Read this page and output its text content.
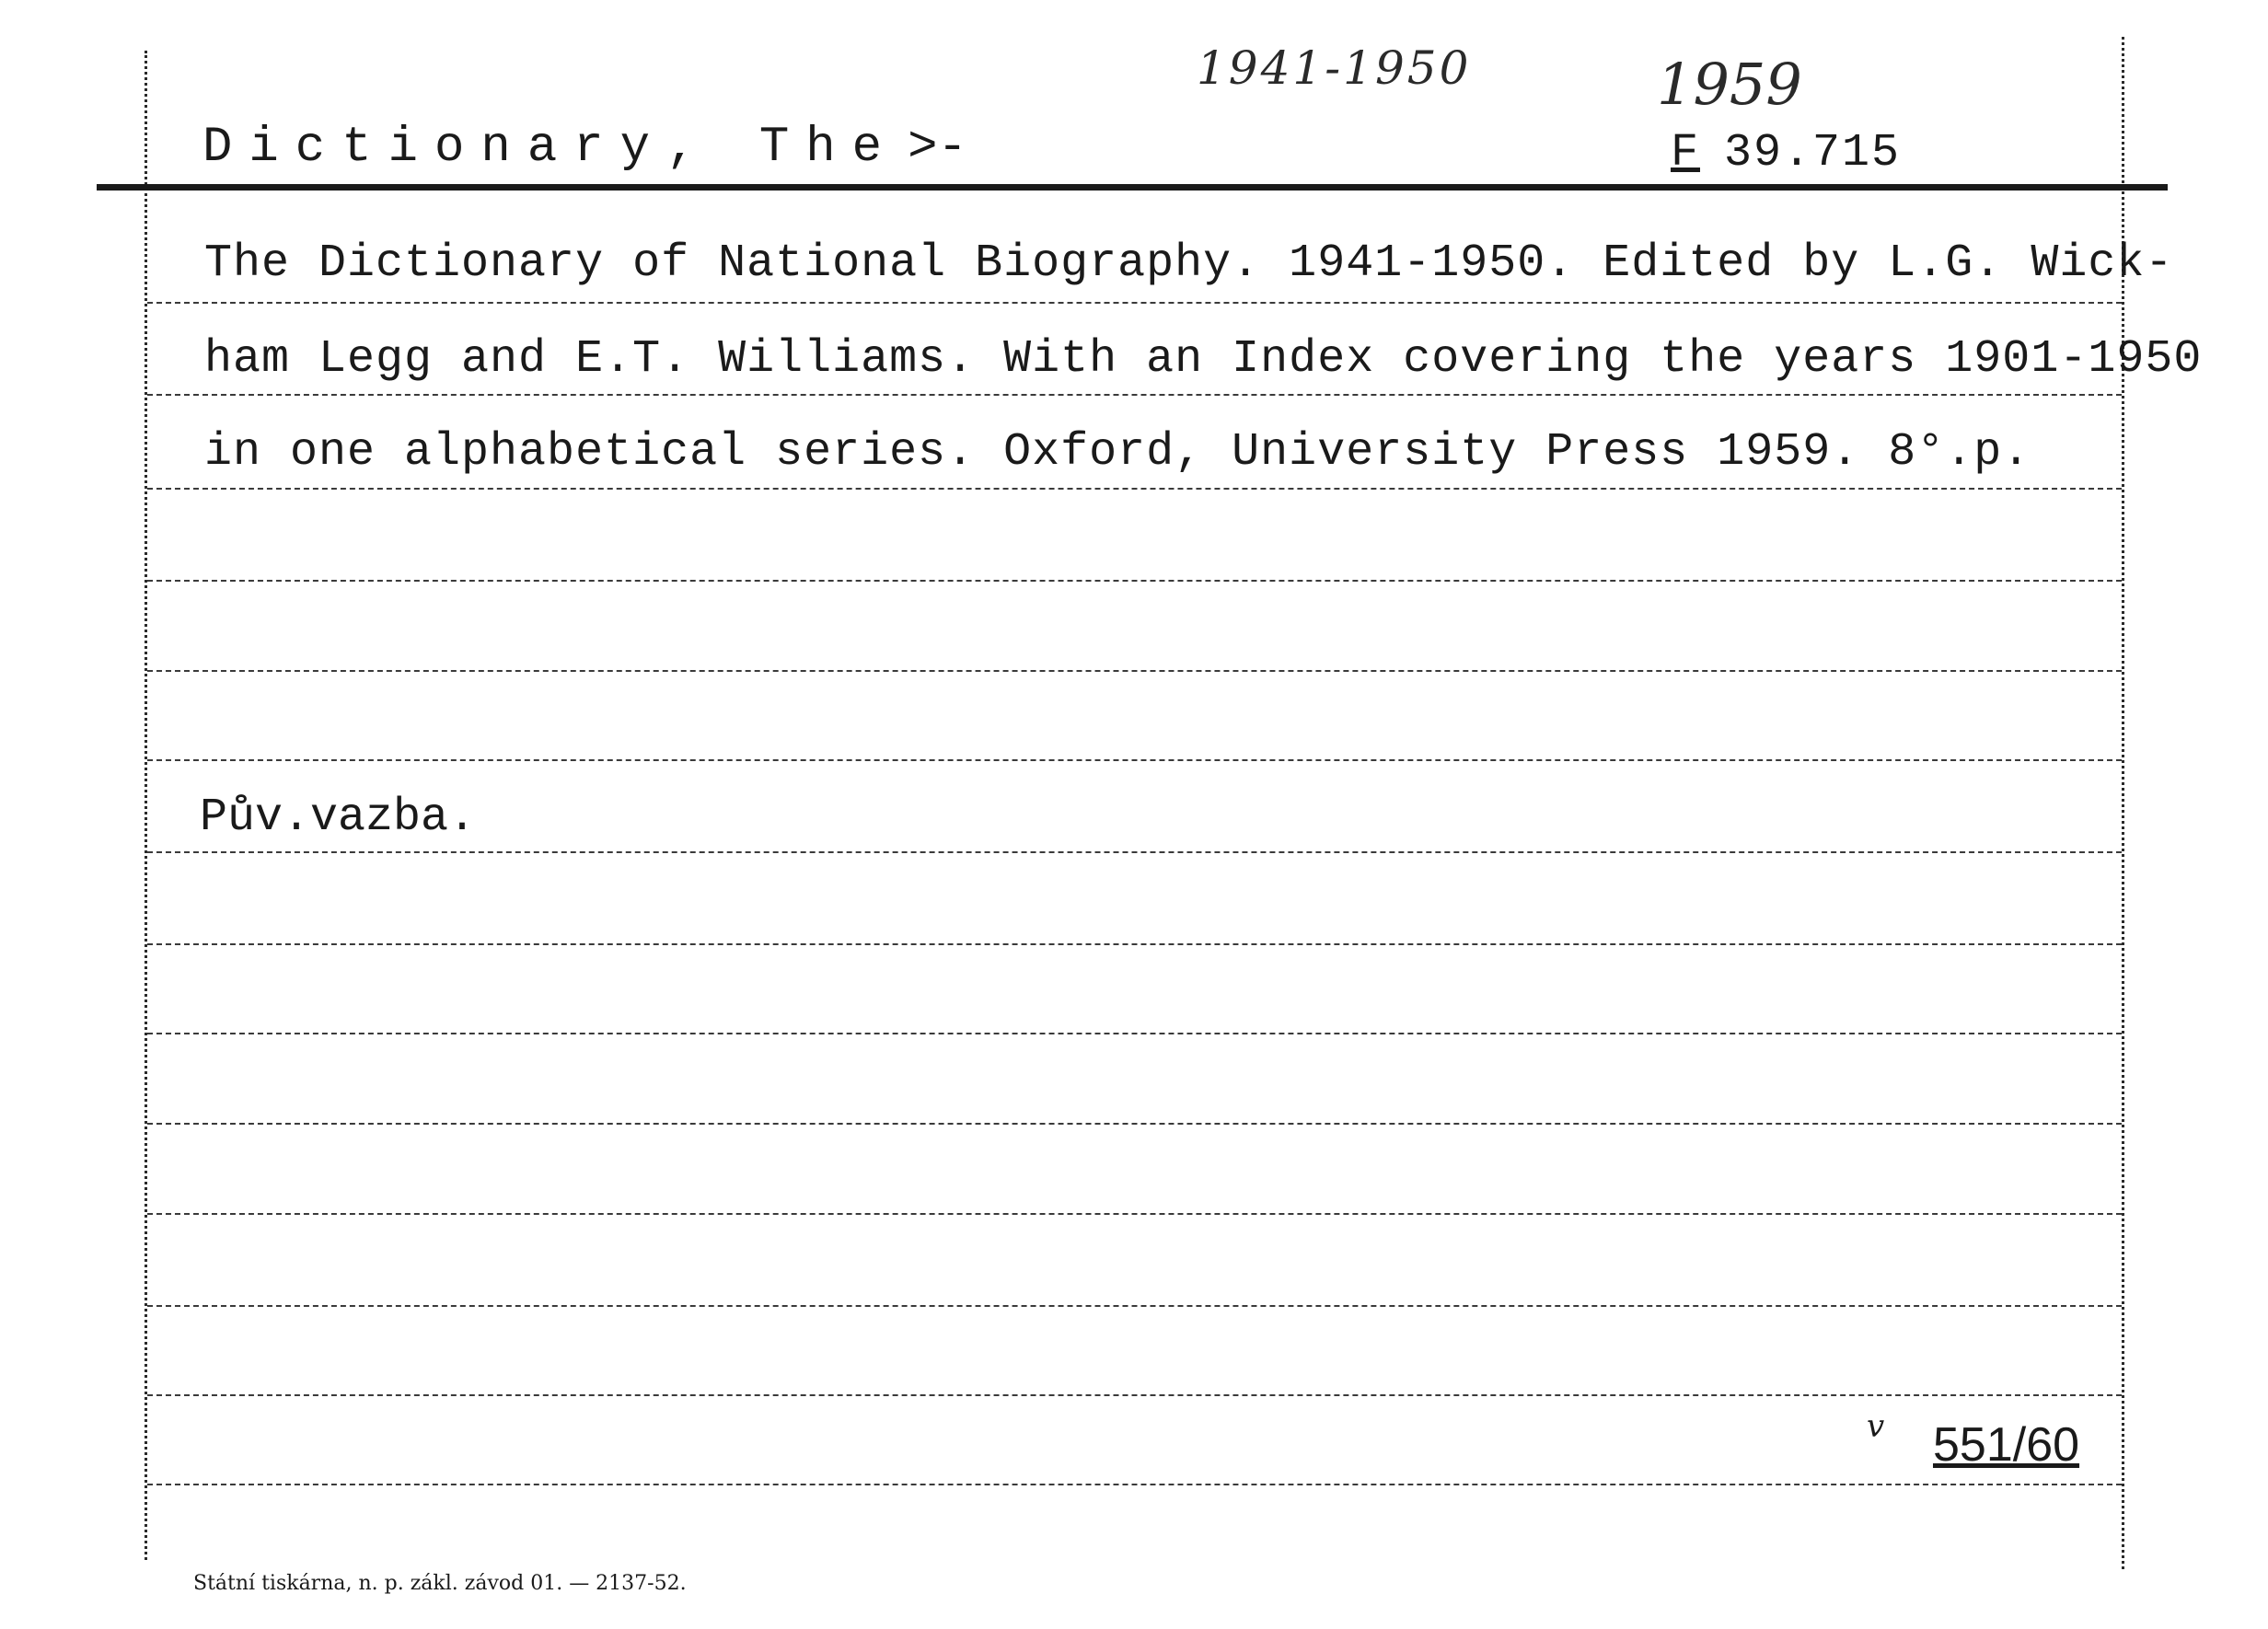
1941-1950	1959
Dictionary, The >-	F 39.715
The Dictionary of National Biography. 1941-1950. Edited by L.G. Wick-
ham Legg and E.T. Williams. With an Index covering the years 1901-1950
in one alphabetical series. Oxford, University Press 1959. 8°.p.
Pův.vazba.
v 551/60
Státní tiskárna, n. p. zákl. závod 01. — 2137-52.
